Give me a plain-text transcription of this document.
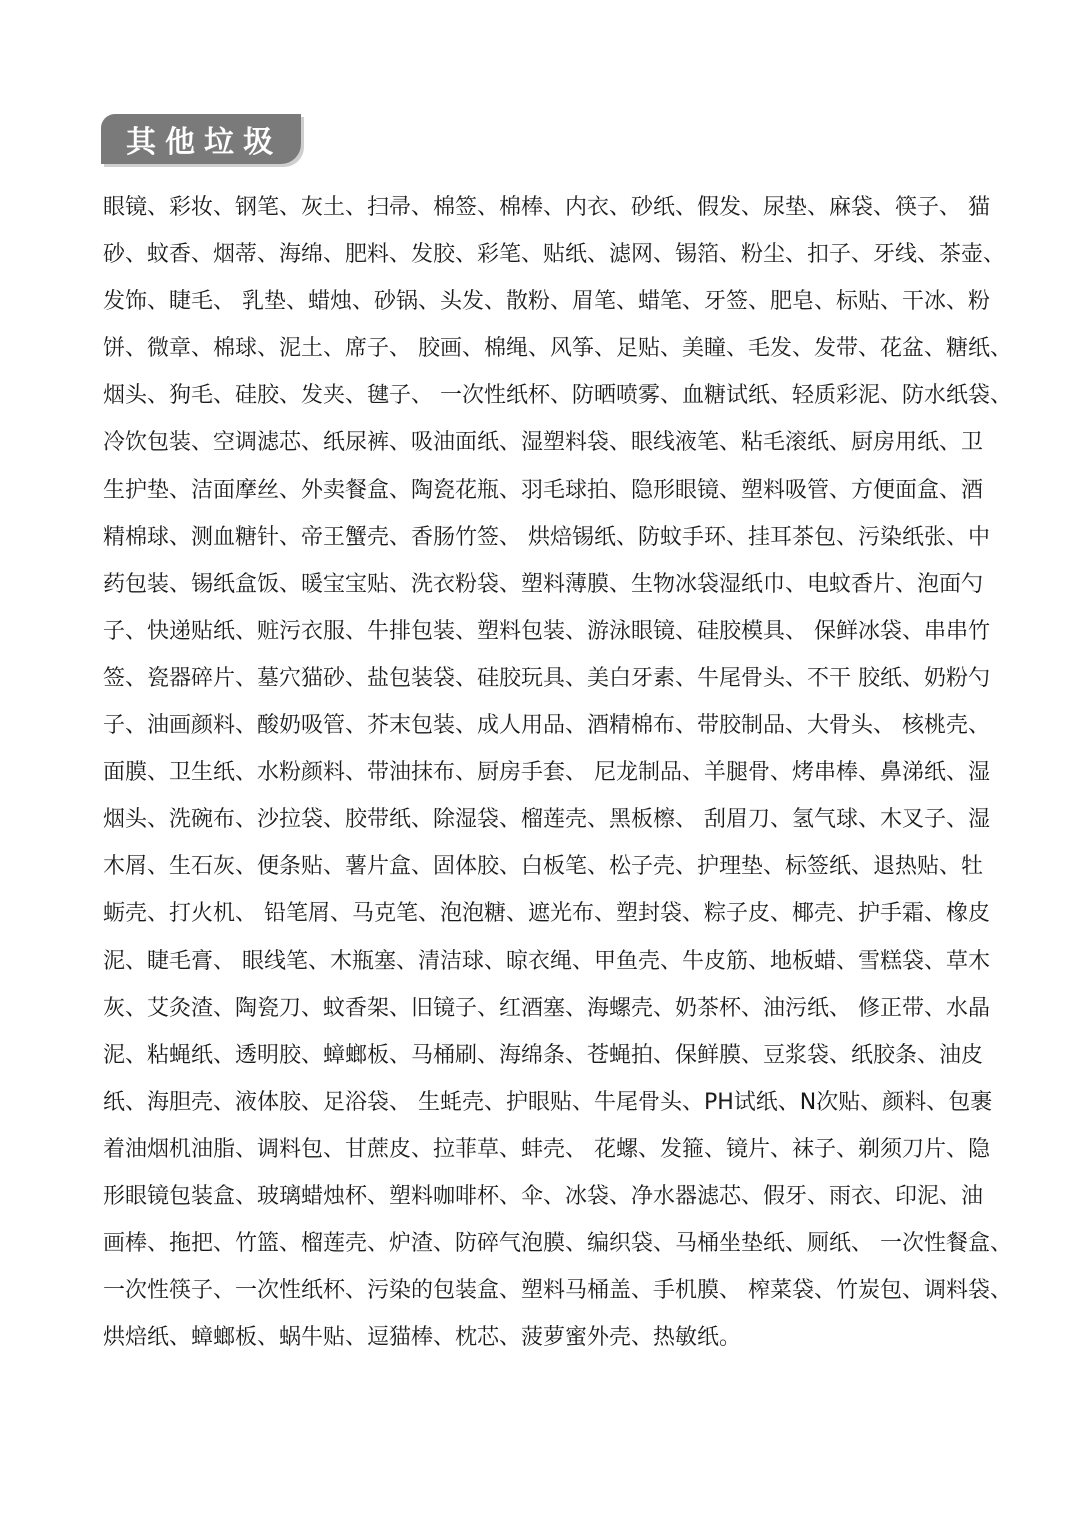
其他垃圾
眼镜、彩妆、钢笔、灰土、扫帚、棉签、棉棒、内衣、砂纸、假发、尿垫、麻袋、筷子、 猫
砂、蚊香、烟蒂、海绵、肥料、发胶、彩笔、贴纸、滤网、锡箔、粉尘、扣子、牙线、茶壶、
发饰、睫毛、 乳垫、蜡烛、砂锅、头发、散粉、眉笔、蜡笔、牙签、肥皂、标贴、干冰、粉
饼、微章、棉球、泥土、席子、 胶画、棉绳、风筝、足贴、美瞳、毛发、发带、花盆、糖纸、
烟头、狗毛、硅胶、发夹、毽子、 一次性纸杯、防晒喷雾、血糖试纸、轻质彩泥、防水纸袋、
冷饮包装、空调滤芯、纸尿裤、吸油面纸、湿塑料袋、眼线液笔、粘毛滚纸、厨房用纸、卫
生护垫、洁面摩丝、外卖餐盒、陶瓷花瓶、羽毛球拍、隐形眼镜、塑料吸管、方便面盒、酒
精棉球、测血糖针、帝王蟹壳、香肠竹签、 烘焙锡纸、防蚊手环、挂耳茶包、污染纸张、中
药包装、锡纸盒饭、暖宝宝贴、洗衣粉袋、塑料薄膜、生物冰袋湿纸巾、电蚊香片、泡面勺
子、快递贴纸、赃污衣服、牛排包装、塑料包装、游泳眼镜、硅胶模具、 保鲜冰袋、串串竹
签、瓷器碎片、墓穴猫砂、盐包装袋、硅胶玩具、美白牙素、牛尾骨头、不干 胶纸、奶粉勺
子、油画颜料、酸奶吸管、芥末包装、成人用品、酒精棉布、带胶制品、大骨头、 核桃壳、
面膜、卫生纸、水粉颜料、带油抹布、厨房手套、 尼龙制品、羊腿骨、烤串棒、鼻涕纸、湿
烟头、洗碗布、沙拉袋、胶带纸、除湿袋、榴莲壳、黑板檫、 刮眉刀、氢气球、木叉子、湿
木屑、生石灰、便条贴、薯片盒、固体胶、白板笔、松子壳、护理垫、标签纸、退热贴、牡
蛎壳、打火机、 铅笔屑、马克笔、泡泡糖、遮光布、塑封袋、粽子皮、椰壳、护手霜、橡皮
泥、睫毛膏、 眼线笔、木瓶塞、清洁球、晾衣绳、甲鱼壳、牛皮筋、地板蜡、雪糕袋、草木
灰、艾灸渣、陶瓷刀、蚊香架、旧镜子、红酒塞、海螺壳、奶茶杯、油污纸、 修正带、水晶
泥、粘蝇纸、透明胶、蟑螂板、马桶刷、海绵条、苍蝇拍、保鲜膜、豆浆袋、纸胶条、油皮
纸、海胆壳、液体胶、足浴袋、 生蚝壳、护眼贴、牛尾骨头、PH试纸、N次贴、颜料、包裹
着油烟机油脂、调料包、甘蔗皮、拉菲草、蚌壳、 花螺、发箍、镜片、袜子、剃须刀片、隐
形眼镜包装盒、玻璃蜡烛杯、塑料咖啡杯、伞、冰袋、净水器滤芯、假牙、雨衣、印泥、油
画棒、拖把、竹篮、榴莲壳、炉渣、防碎气泡膜、编织袋、马桶坐垫纸、厕纸、 一次性餐盒、
一次性筷子、一次性纸杯、污染的包装盒、塑料马桶盖、手机膜、 榨菜袋、竹炭包、调料袋、
烘焙纸、蟑螂板、蜗牛贴、逗猫棒、枕芯、菠萝蜜外壳、热敏纸。
